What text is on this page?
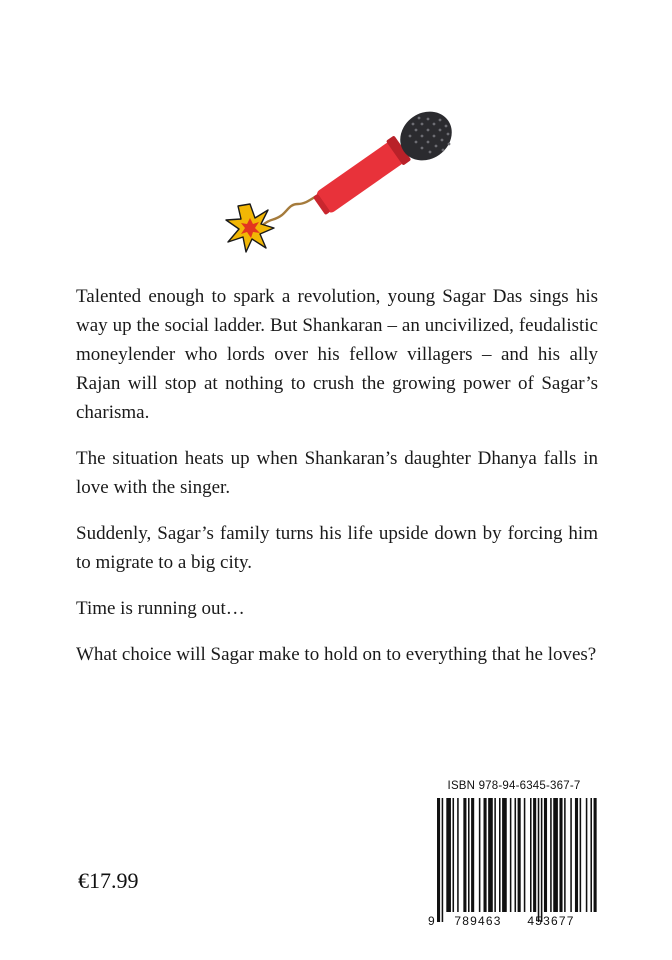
Talented enough to spark a revolution, young Sagar Das sings his way up the social ladder. But Shankaran – an uncivilized, feudalistic moneylender who lords over his fellow villagers – and his ally Rajan will stop at nothing to crush the growing power of Sagar’s charisma.

The situation heats up when Shankaran’s daughter Dhanya falls in love with the singer.

Suddenly, Sagar’s family turns his life upside down by forcing him to migrate to a big city.

Time is running out…

What choice will Sagar make to hold on to everything that he loves?

ISBN 978-94-6345-367-7
9 789463 453677
€17.99
